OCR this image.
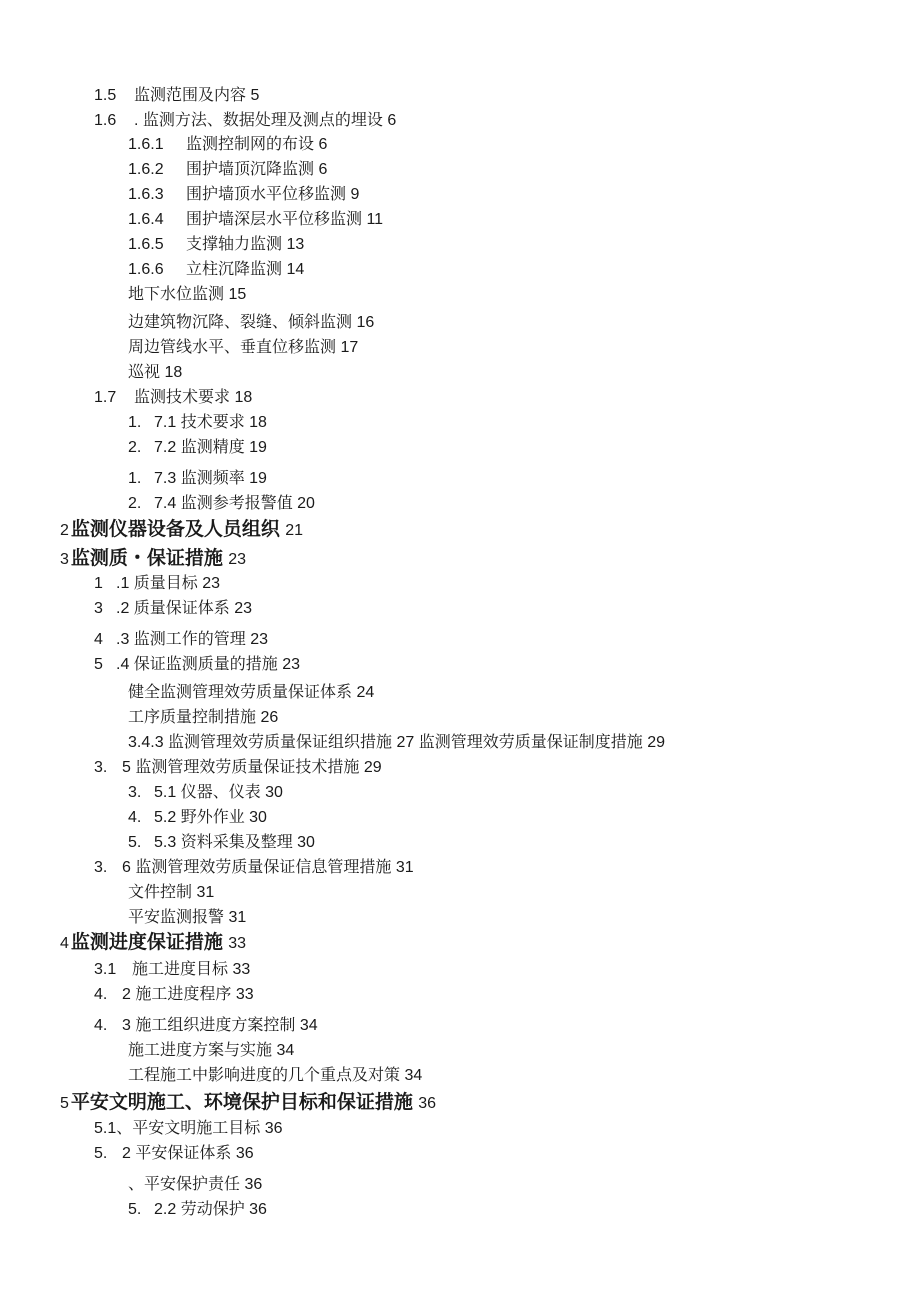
1.5 监测范围及内容 5
1.6 . 监测方法、数据处理及测点的埋设 6
1.6.1 监测控制网的布设 6
1.6.2 围护墙顶沉降监测 6
1.6.3 围护墙顶水平位移监测 9
1.6.4 围护墙深层水平位移监测 11
1.6.5 支撑轴力监测 13
1.6.6 立柱沉降监测 14
地下水位监测 15
边建筑物沉降、裂缝、倾斜监测 16
周边管线水平、垂直位移监测 17
巡视 18
1.7 监测技术要求 18
1. 7.1 技术要求 18
2. 7.2 监测精度 19
1. 7.3 监测频率 19
2. 7.4 监测参考报警值 20
2 监测仪器设备及人员组织 21
3 监测质・保证措施 23
1 .1 质量目标 23
3 .2 质量保证体系 23
4 .3 监测工作的管理 23
5 .4 保证监测质量的措施 23
健全监测管理效劳质量保证体系 24
工序质量控制措施 26
3.4.3 监测管理效劳质量保证组织措施 27 监测管理效劳质量保证制度措施 29
3. 5 监测管理效劳质量保证技术措施 29
3. 5.1 仪器、仪表 30
4. 5.2 野外作业 30
5. 5.3 资料采集及整理 30
3. 6 监测管理效劳质量保证信息管理措施 31
文件控制 31
平安监测报警 31
4 监测进度保证措施 33
3.1 施工进度目标 33
4. 2 施工进度程序 33
4. 3 施工组织进度方案控制 34
施工进度方案与实施 34
工程施工中影响进度的几个重点及对策 34
5 平安文明施工、环境保护目标和保证措施 36
5.1、平安文明施工目标 36
5. 2 平安保证体系 36
、平安保护责任 36
5. 2.2 劳动保护 36
